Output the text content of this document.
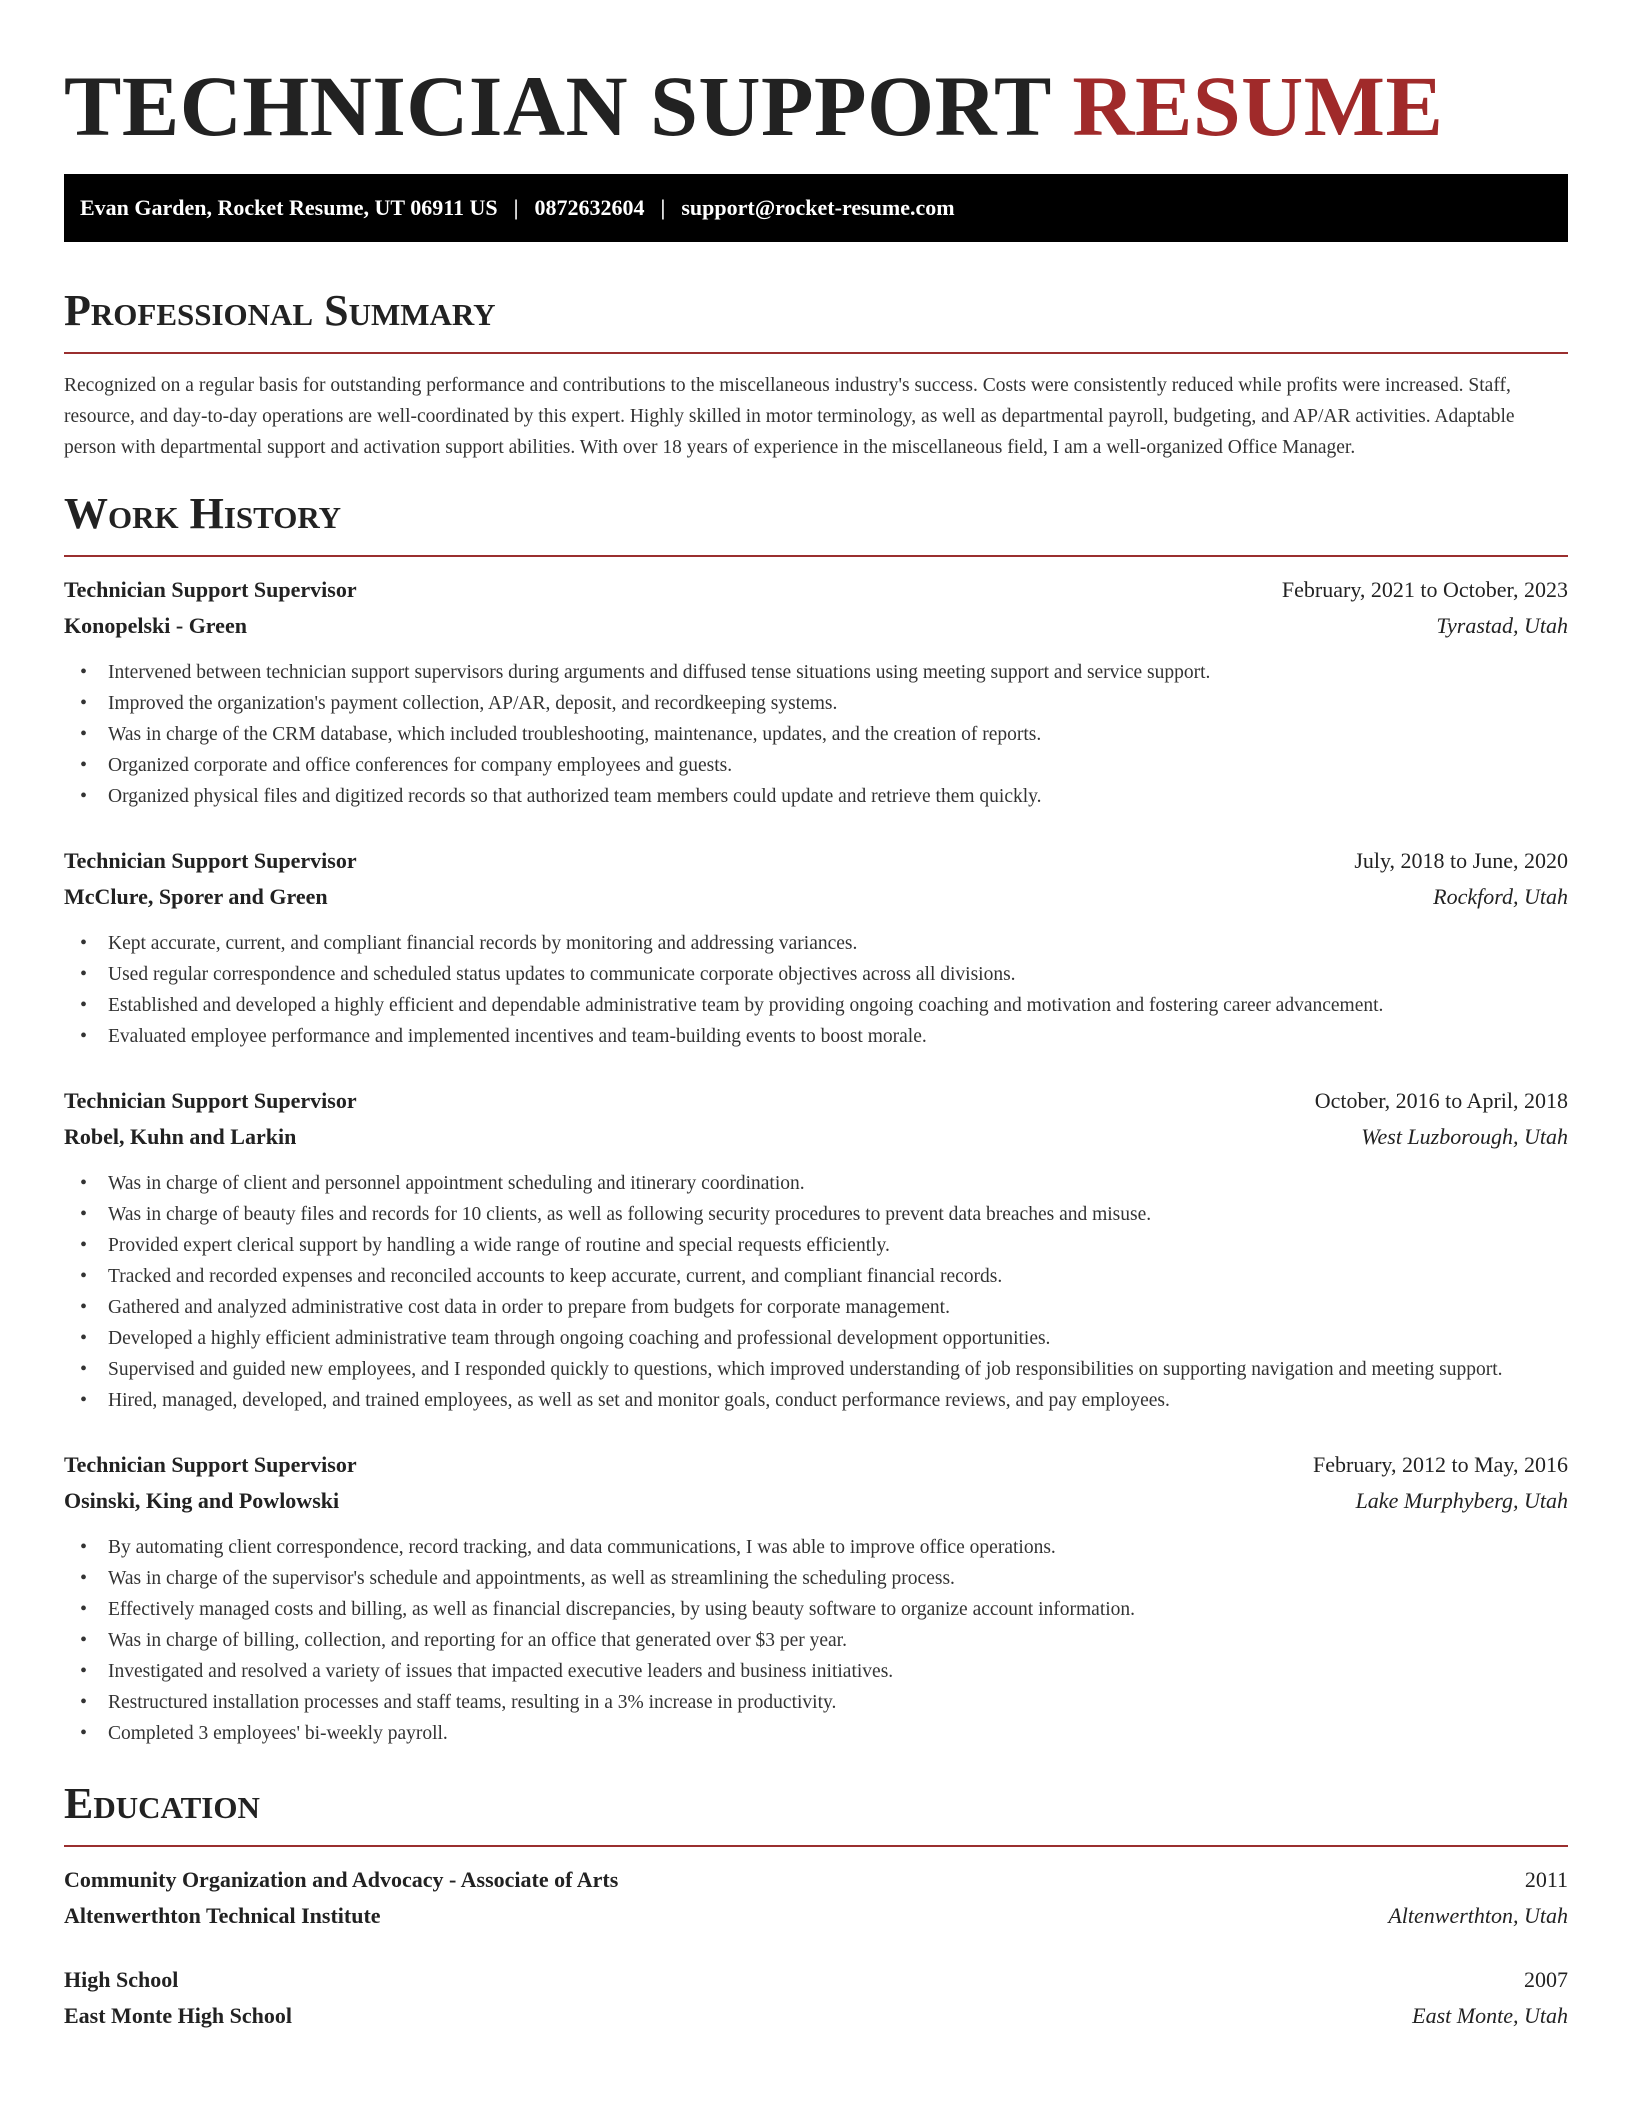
TECHNICIAN SUPPORT RESUME
Evan Garden, Rocket Resume, UT 06911 US | 0872632604 | support@rocket-resume.com
Professional Summary

Recognized on a regular basis for outstanding performance and contributions to the miscellaneous industry's success. Costs were consistently reduced while profits were increased. Staff, resource, and day-to-day operations are well-coordinated by this expert. Highly skilled in motor terminology, as well as departmental payroll, budgeting, and AP/AR activities. Adaptable person with departmental support and activation support abilities. With over 18 years of experience in the miscellaneous field, I am a well-organized Office Manager.

Work History
Technician Support Supervisor	February, 2021 to October, 2023
Konopelski - Green	Tyrastad, Utah
• Intervened between technician support supervisors during arguments and diffused tense situations using meeting support and service support.
• Improved the organization's payment collection, AP/AR, deposit, and recordkeeping systems.
• Was in charge of the CRM database, which included troubleshooting, maintenance, updates, and the creation of reports.
• Organized corporate and office conferences for company employees and guests.
• Organized physical files and digitized records so that authorized team members could update and retrieve them quickly.
Technician Support Supervisor	July, 2018 to June, 2020
McClure, Sporer and Green	Rockford, Utah
• Kept accurate, current, and compliant financial records by monitoring and addressing variances.
• Used regular correspondence and scheduled status updates to communicate corporate objectives across all divisions.
• Established and developed a highly efficient and dependable administrative team by providing ongoing coaching and motivation and fostering career advancement.
• Evaluated employee performance and implemented incentives and team-building events to boost morale.
Technician Support Supervisor	October, 2016 to April, 2018
Robel, Kuhn and Larkin	West Luzborough, Utah
• Was in charge of client and personnel appointment scheduling and itinerary coordination.
• Was in charge of beauty files and records for 10 clients, as well as following security procedures to prevent data breaches and misuse.
• Provided expert clerical support by handling a wide range of routine and special requests efficiently.
• Tracked and recorded expenses and reconciled accounts to keep accurate, current, and compliant financial records.
• Gathered and analyzed administrative cost data in order to prepare from budgets for corporate management.
• Developed a highly efficient administrative team through ongoing coaching and professional development opportunities.
• Supervised and guided new employees, and I responded quickly to questions, which improved understanding of job responsibilities on supporting navigation and meeting support.
• Hired, managed, developed, and trained employees, as well as set and monitor goals, conduct performance reviews, and pay employees.
Technician Support Supervisor	February, 2012 to May, 2016
Osinski, King and Powlowski	Lake Murphyberg, Utah
• By automating client correspondence, record tracking, and data communications, I was able to improve office operations.
• Was in charge of the supervisor's schedule and appointments, as well as streamlining the scheduling process.
• Effectively managed costs and billing, as well as financial discrepancies, by using beauty software to organize account information.
• Was in charge of billing, collection, and reporting for an office that generated over $3 per year.
• Investigated and resolved a variety of issues that impacted executive leaders and business initiatives.
• Restructured installation processes and staff teams, resulting in a 3% increase in productivity.
• Completed 3 employees' bi-weekly payroll.
Education
Community Organization and Advocacy - Associate of Arts	2011
Altenwerthton Technical Institute	Altenwerthton, Utah
High School	2007
East Monte High School	East Monte, Utah
